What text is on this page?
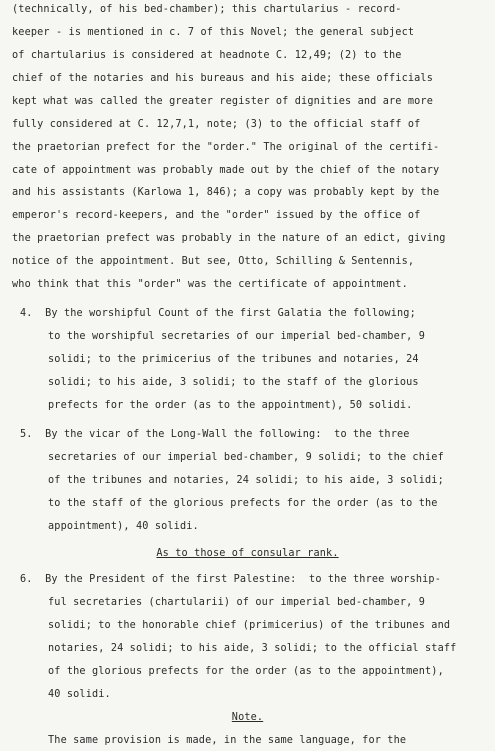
(technically, of his bed-chamber); this chartularius - record-
keeper - is mentioned in c. 7 of this Novel; the general subject
of chartularius is considered at headnote C. 12,49; (2) to the
chief of the notaries and his bureaus and his aide; these officials
kept what was called the greater register of dignities and are more
fully considered at C. 12,7,1, note; (3) to the official staff of
the praetorian prefect for the "order." The original of the certifi-
cate of appointment was probably made out by the chief of the notary
and his assistants (Karlowa 1, 846); a copy was probably kept by the
emperor's record-keepers, and the "order" issued by the office of
the praetorian prefect was probably in the nature of an edict, giving
notice of the appointment. But see, Otto, Schilling & Sentennis,
who think that this "order" was the certificate of appointment.
4.  By the worshipful Count of the first Galatia the following;
to the worshipful secretaries of our imperial bed-chamber, 9
solidi; to the primicerius of the tribunes and notaries, 24
solidi; to his aide, 3 solidi; to the staff of the glorious
prefects for the order (as to the appointment), 50 solidi.
5.  By the vicar of the Long-Wall the following:  to the three
secretaries of our imperial bed-chamber, 9 solidi; to the chief
of the tribunes and notaries, 24 solidi; to his aide, 3 solidi;
to the staff of the glorious prefects for the order (as to the
appointment), 40 solidi.
As to those of consular rank.
6.  By the President of the first Palestine:  to the three worship-
ful secretaries (chartularii) of our imperial bed-chamber, 9
solidi; to the honorable chief (primicerius) of the tribunes and
notaries, 24 solidi; to his aide, 3 solidi; to the official staff
of the glorious prefects for the order (as to the appointment),
40 solidi.
Note.
The same provision is made, in the same language, for the
